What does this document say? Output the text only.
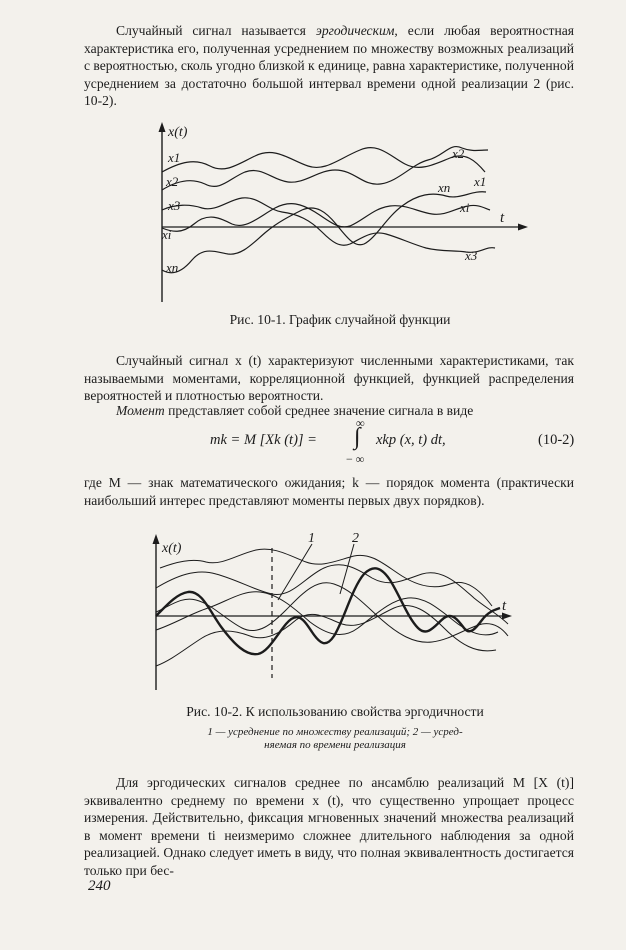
Случайный сигнал называется эргодическим, если любая вероятностная характеристика его, полученная усреднением по множеству возможных реализаций с вероятностью, сколь угодно близкой к единице, равна характеристике, полученной усреднением за достаточно большой интервал времени одной реализации 2 (рис. 10-2).

x(t)
t
x1
x2
x3
xi
xn
x2
x1
xn
xi
x3
Рис. 10-1. График случайной функции

Случайный сигнал x (t) характеризуют численными характеристиками, так называемыми моментами, корреляционной функцией, функцией распределения вероятностей и плотностью вероятности.

Момент представляет собой среднее значение сигнала в виде

mk = M [Xk (t)] =
∞
∫
− ∞
xkp (x, t) dt,	(10-2)

где M — знак математического ожидания; k — порядок момента (практически наибольший интерес представляют моменты первых двух порядков).

x(t)
t
1	2
Рис. 10-2. К использованию свойства эргодичности
1 — усреднение по множеству реализаций; 2 — усред-
няемая по времени реализация

Для эргодических сигналов среднее по ансамблю реализаций M [X (t)] эквивалентно среднему по времени x (t), что существенно упрощает процесс измерения. Действительно, фиксация мгновенных значений множества реализаций в момент времени ti неизмеримо сложнее длительного наблюдения за одной реализацией. Однако следует иметь в виду, что полная эквивалентность достигается только при бес-

240
